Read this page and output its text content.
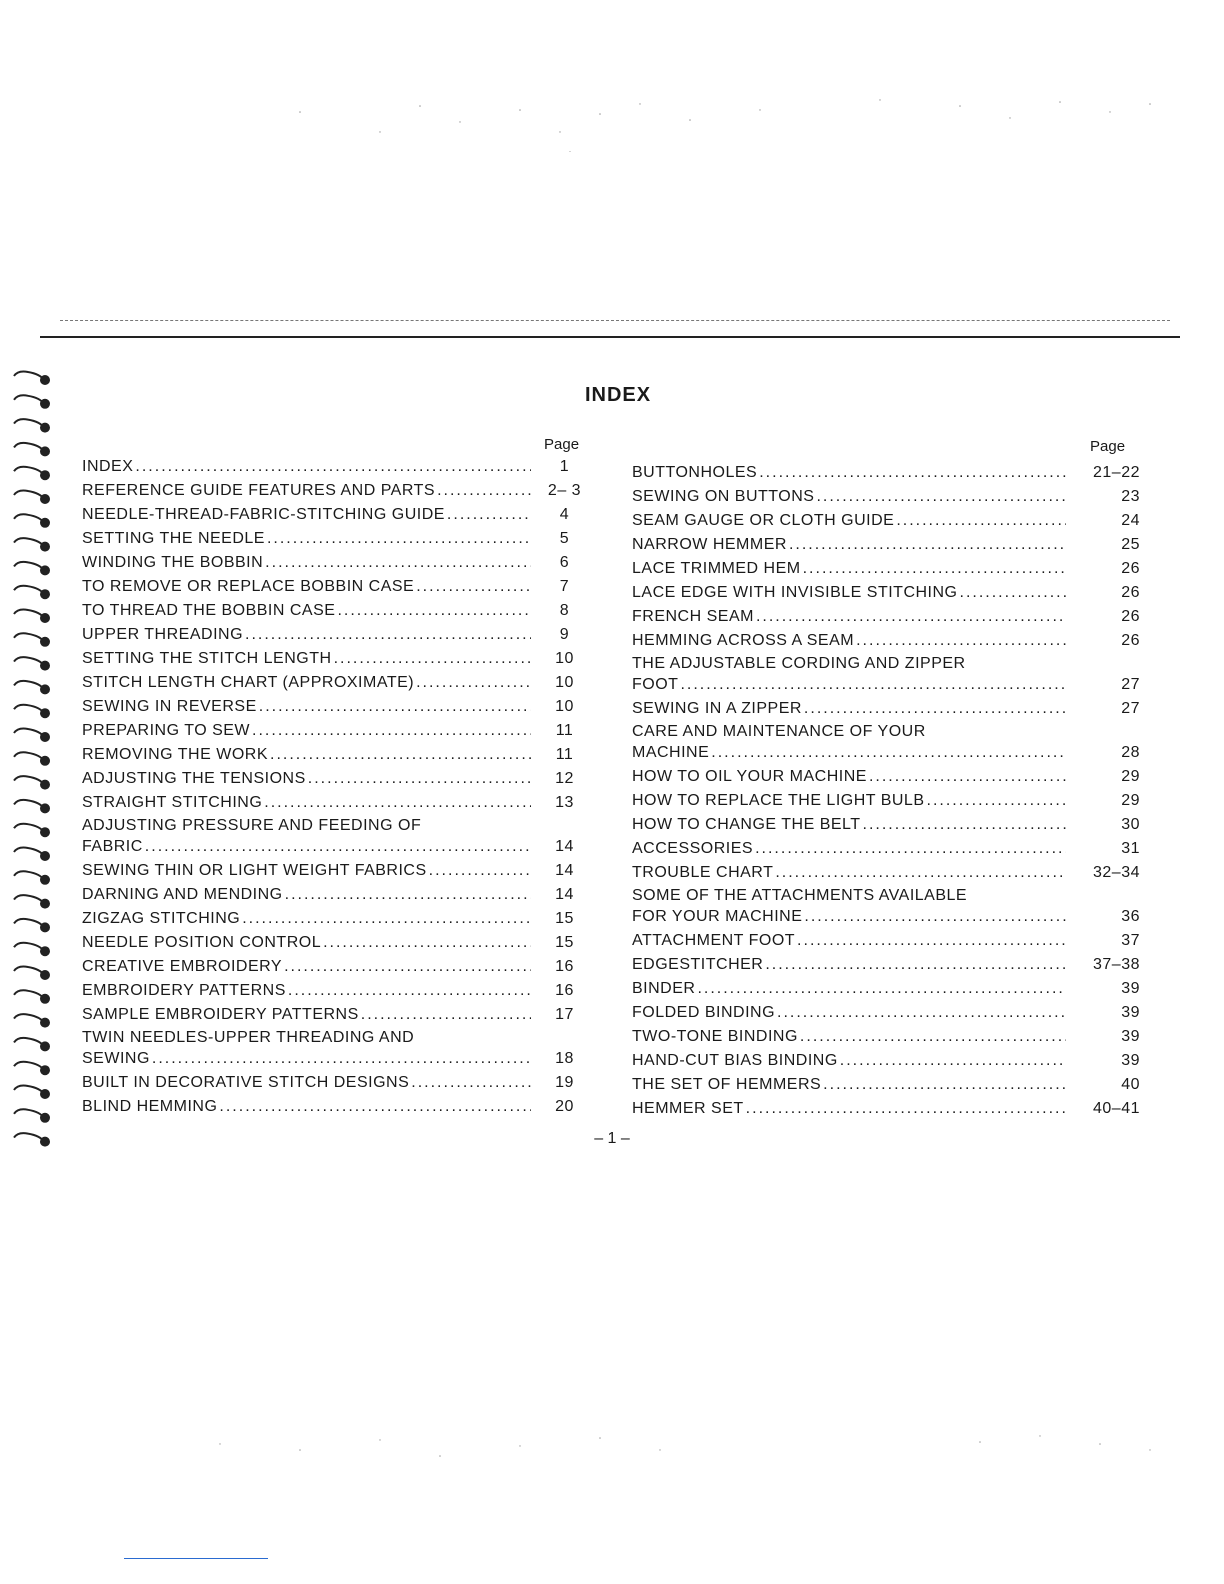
INDEX
Page	Page
INDEX .....	1
REFERENCE GUIDE FEATURES AND PARTS .....	2– 3
NEEDLE-THREAD-FABRIC-STITCHING GUIDE .....	4
SETTING THE NEEDLE .....	5
WINDING THE BOBBIN .....	6
TO REMOVE OR REPLACE BOBBIN CASE .....	7
TO THREAD THE BOBBIN CASE .....	8
UPPER THREADING .....	9
SETTING THE STITCH LENGTH .....	10
STITCH LENGTH CHART (APPROXIMATE) .....	10
SEWING IN REVERSE .....	10
PREPARING TO SEW .....	11
REMOVING THE WORK .....	11
ADJUSTING THE TENSIONS .....	12
STRAIGHT STITCHING .....	13
ADJUSTING PRESSURE AND FEEDING OF
FABRIC .....	14
SEWING THIN OR LIGHT WEIGHT FABRICS .....	14
DARNING AND MENDING .....	14
ZIGZAG STITCHING .....	15
NEEDLE POSITION CONTROL .....	15
CREATIVE EMBROIDERY .....	16
EMBROIDERY PATTERNS .....	16
SAMPLE EMBROIDERY PATTERNS .....	17
TWIN NEEDLES-UPPER THREADING AND
SEWING .....	18
BUILT IN DECORATIVE STITCH DESIGNS .....	19
BLIND HEMMING .....	20
BUTTONHOLES .....	21–22
SEWING ON BUTTONS .....	23
SEAM GAUGE OR CLOTH GUIDE .....	24
NARROW HEMMER .....	25
LACE TRIMMED HEM .....	26
LACE EDGE WITH INVISIBLE STITCHING .....	26
FRENCH SEAM .....	26
HEMMING ACROSS A SEAM .....	26
THE ADJUSTABLE CORDING AND ZIPPER
FOOT .....	27
SEWING IN A ZIPPER .....	27
CARE AND MAINTENANCE OF YOUR
MACHINE .....	28
HOW TO OIL YOUR MACHINE .....	29
HOW TO REPLACE THE LIGHT BULB .....	29
HOW TO CHANGE THE BELT .....	30
ACCESSORIES .....	31
TROUBLE CHART .....	32–34
SOME OF THE ATTACHMENTS AVAILABLE
FOR YOUR MACHINE .....	36
ATTACHMENT FOOT .....	37
EDGESTITCHER .....	37–38
BINDER .....	39
FOLDED BINDING .....	39
TWO-TONE BINDING .....	39
HAND-CUT BIAS BINDING .....	39
THE SET OF HEMMERS .....	40
HEMMER SET .....	40–41
– 1 –
